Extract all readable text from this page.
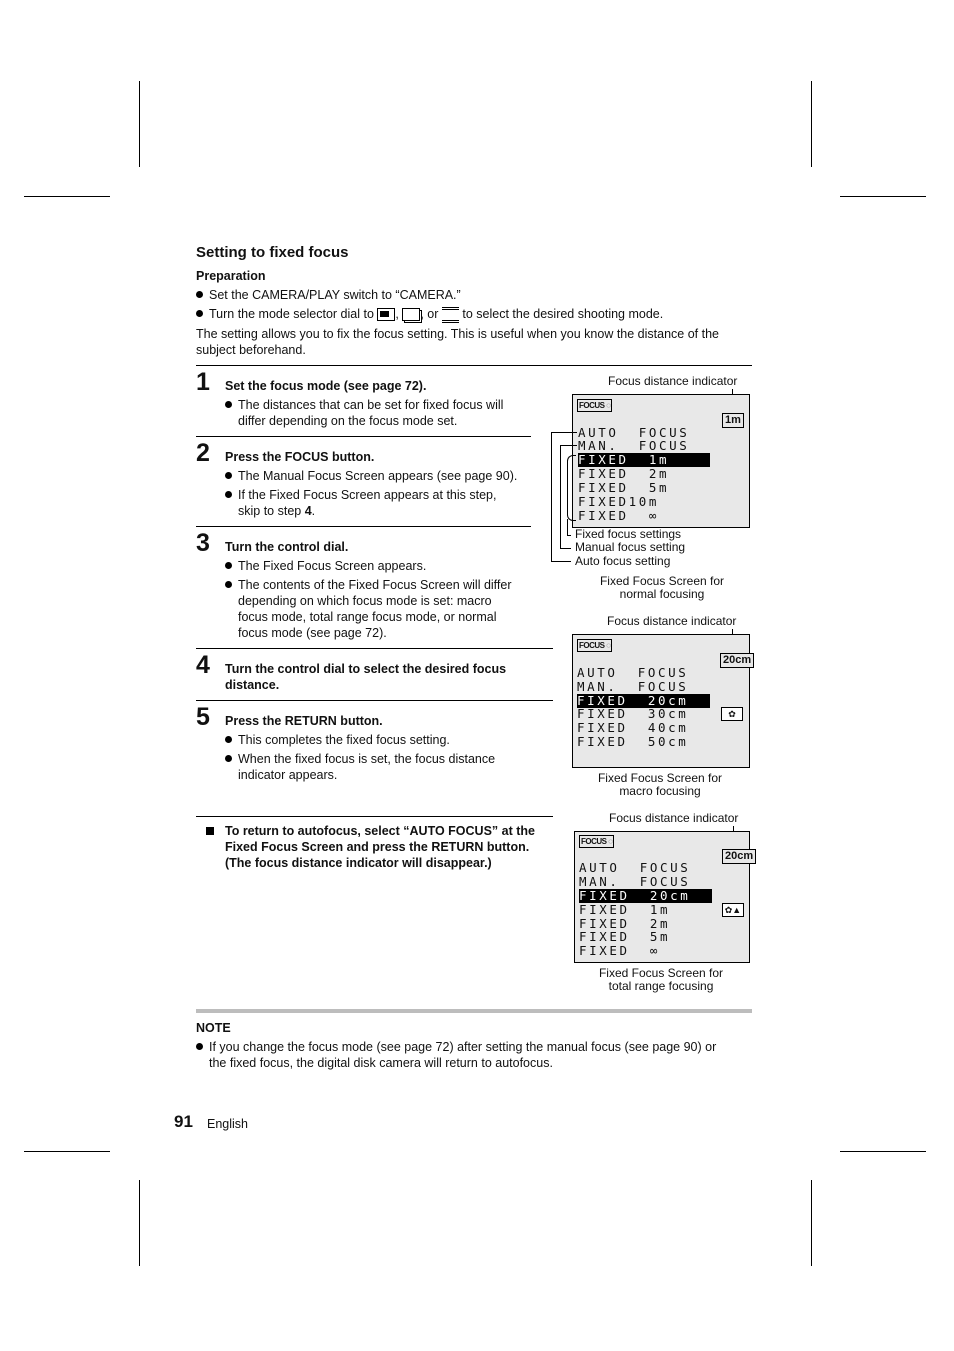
Setting to fixed focus
Preparation
Set the CAMERA/PLAY switch to “CAMERA.”
Turn the mode selector dial to , , or to select the desired shooting mode.
The setting allows you to fix the focus setting. This is useful when you know the distance of the
subject beforehand.
1 Set the focus mode (see page 72).
The distances that can be set for fixed focus will
differ depending on the focus mode set.
2 Press the FOCUS button.
The Manual Focus Screen appears (see page 90).
If the Fixed Focus Screen appears at this step,
skip to step 4.
3 Turn the control dial.
The Fixed Focus Screen appears.
The contents of the Fixed Focus Screen will differ
depending on which focus mode is set: macro
focus mode, total range focus mode, or normal
focus mode (see page 72).
4 Turn the control dial to select the desired focus
distance.
5 Press the RETURN button.
This completes the fixed focus setting.
When the fixed focus is set, the focus distance
indicator appears.
To return to autofocus, select “AUTO FOCUS” at the
Fixed Focus Screen and press the RETURN button.
(The focus distance indicator will disappear.)
Focus distance indicator
FOCUS ◌
1m
AUTO  FOCUS
MAN.  FOCUS
FIXED  1m
FIXED  2m
FIXED  5m
FIXED10m
FIXED  ∞
Fixed focus settings
Manual focus setting
Auto focus setting
Fixed Focus Screen for
normal focusing
Focus distance indicator
FOCUS ◌
20cm
✿
AUTO  FOCUS
MAN.  FOCUS
FIXED  20cm
FIXED  30cm
FIXED  40cm
FIXED  50cm
Fixed Focus Screen for
macro focusing
Focus distance indicator
FOCUS ◌
20cm
✿▲
AUTO  FOCUS
MAN.  FOCUS
FIXED  20cm
FIXED  1m
FIXED  2m
FIXED  5m
FIXED  ∞
Fixed Focus Screen for
total range focusing
NOTE
If you change the focus mode (see page 72) after setting the manual focus (see page 90) or
the fixed focus, the digital disk camera will return to autofocus.
91 English
